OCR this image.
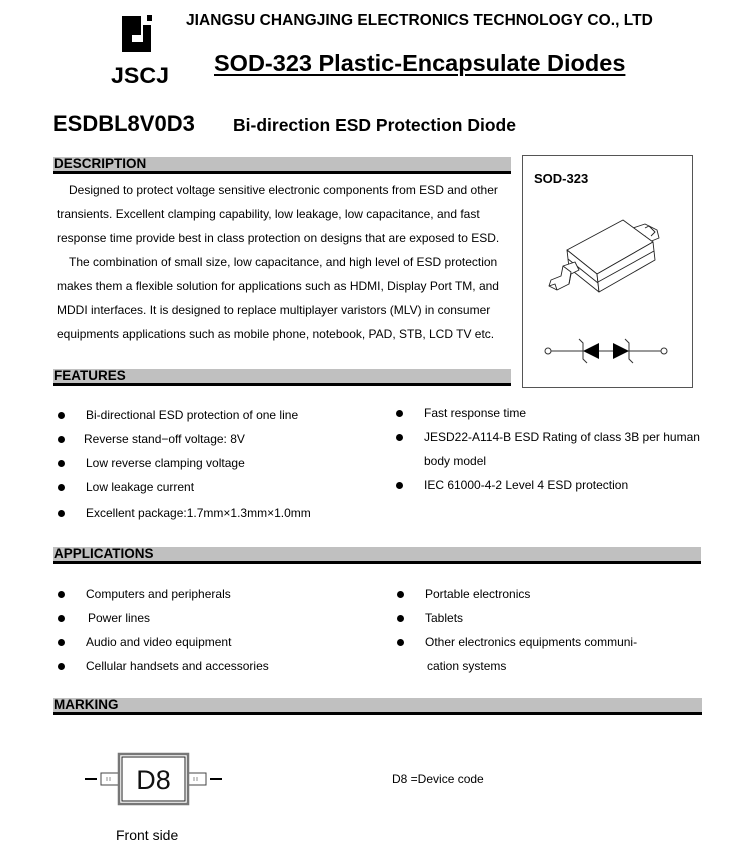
JSCJ
JIANGSU CHANGJING ELECTRONICS TECHNOLOGY CO., LTD
SOD-323 Plastic-Encapsulate Diodes
ESDBL8V0D3 Bi-direction ESD Protection Diode
DESCRIPTION

Designed to protect voltage sensitive electronic components from ESD and other

transients. Excellent clamping capability, low leakage, low capacitance, and fast

response time provide best in class protection on designs that are exposed to ESD.

The combination of small size, low capacitance, and high level of ESD protection

makes them a flexible solution for applications such as HDMI, Display Port TM, and

MDDI interfaces. It is designed to replace multiplayer varistors (MLV) in consumer

equipments applications such as mobile phone, notebook, PAD, STB, LCD TV etc.

SOD-323
FEATURES
Bi-directional ESD protection of one line
Reverse stand−off voltage: 8V
Low reverse clamping voltage
Low leakage current
Excellent package:1.7mm×1.3mm×1.0mm
Fast response time
JESD22-A114-B ESD Rating of class 3B per human
body model
IEC 61000-4-2 Level 4 ESD protection
APPLICATIONS
Computers and peripherals
Power lines
Audio and video equipment
Cellular handsets and accessories
Portable electronics
Tablets
Other electronics equipments communi-
cation systems
MARKING
D8
Front side
D8 =Device code
